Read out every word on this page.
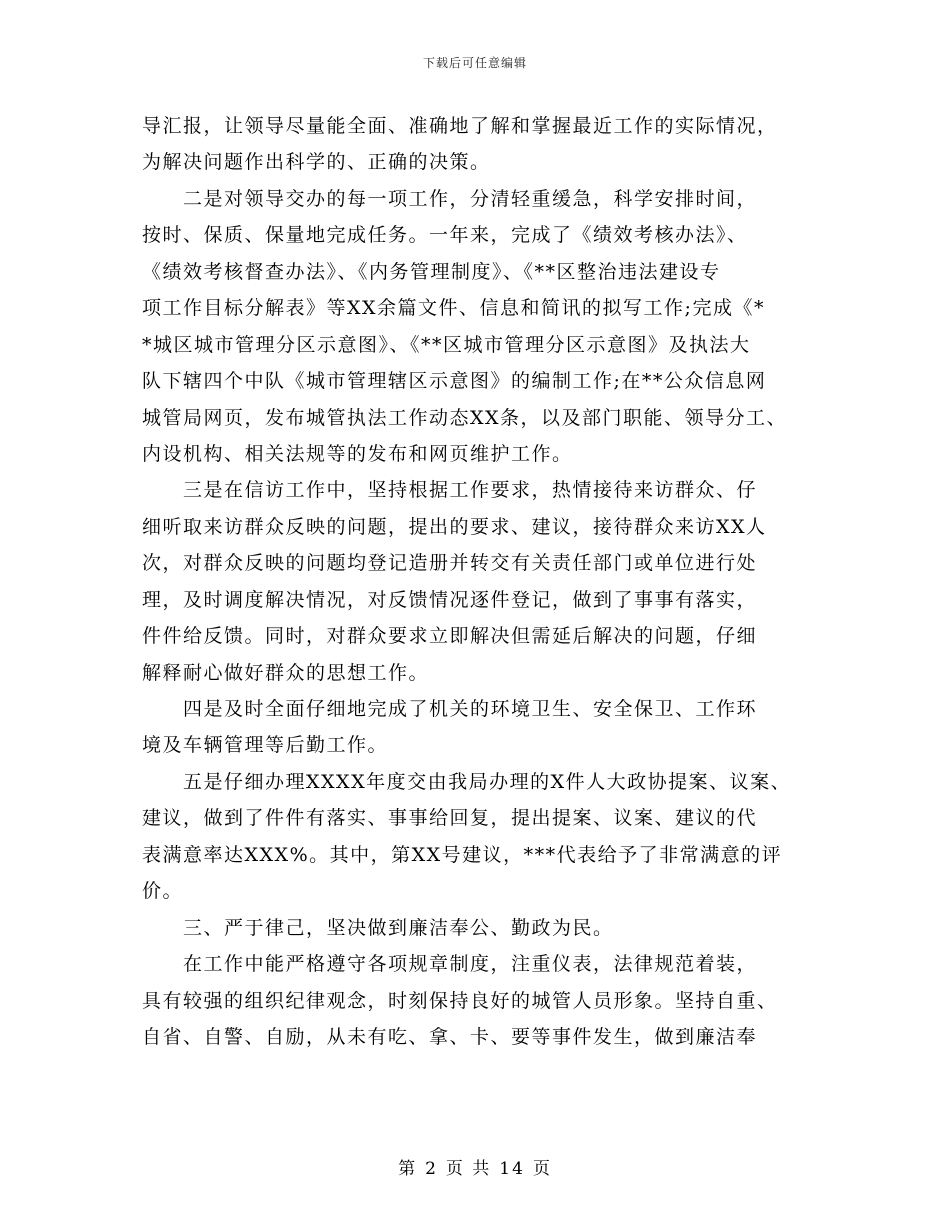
下载后可任意编辑
导汇报，让领导尽量能全面、准确地了解和掌握最近工作的实际情况，
为解决问题作出科学的、正确的决策。
　　二是对领导交办的每一项工作，分清轻重缓急，科学安排时间，
按时、保质、保量地完成任务。一年来，完成了《绩效考核办法》、
《绩效考核督查办法》、《内务管理制度》、《**区整治违法建设专
项工作目标分解表》等XX余篇文件、信息和简讯的拟写工作;完成《*
*城区城市管理分区示意图》、《**区城市管理分区示意图》及执法大
队下辖四个中队《城市管理辖区示意图》的编制工作;在**公众信息网
城管局网页，发布城管执法工作动态XX条，以及部门职能、领导分工、
内设机构、相关法规等的发布和网页维护工作。
　　三是在信访工作中，坚持根据工作要求，热情接待来访群众、仔
细听取来访群众反映的问题，提出的要求、建议，接待群众来访XX人
次，对群众反映的问题均登记造册并转交有关责任部门或单位进行处
理，及时调度解决情况，对反馈情况逐件登记，做到了事事有落实，
件件给反馈。同时，对群众要求立即解决但需延后解决的问题，仔细
解释耐心做好群众的思想工作。
　　四是及时全面仔细地完成了机关的环境卫生、安全保卫、工作环
境及车辆管理等后勤工作。
　　五是仔细办理XXXX年度交由我局办理的X件人大政协提案、议案、
建议，做到了件件有落实、事事给回复，提出提案、议案、建议的代
表满意率达XXX%。其中，第XX号建议，***代表给予了非常满意的评
价。
　　三、严于律己，坚决做到廉洁奉公、勤政为民。
　　在工作中能严格遵守各项规章制度，注重仪表，法律规范着装，
具有较强的组织纪律观念，时刻保持良好的城管人员形象。坚持自重、
自省、自警、自励，从未有吃、拿、卡、要等事件发生，做到廉洁奉
第 2 页 共 14 页
